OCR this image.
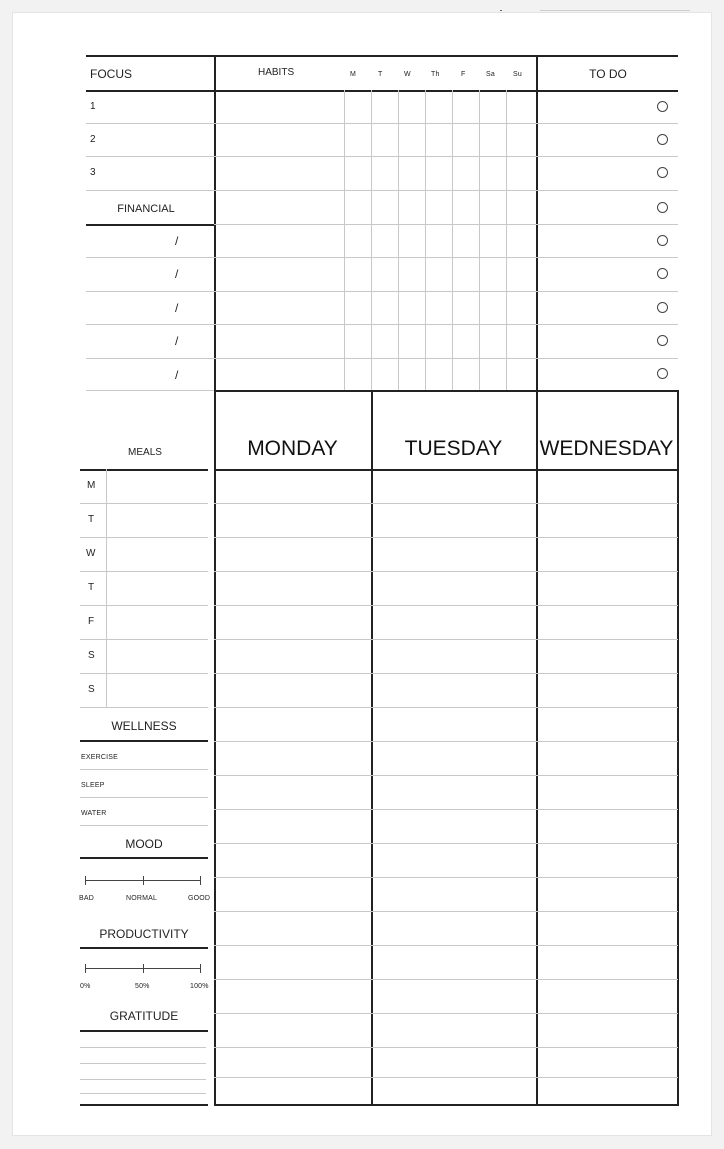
FOCUS	HABITS	TO DO
M	T	W	Th	F	Sa	Su
1
2
3
FINANCIAL
/
/
/
/
/
MONDAY	TUESDAY	WEDNESDAY
MEALS
M
T
W
T
F
S
S
WELLNESS
EXERCISE
SLEEP
WATER
MOOD
BAD	NORMAL	GOOD
PRODUCTIVITY
0%	50%	100%
GRATITUDE
